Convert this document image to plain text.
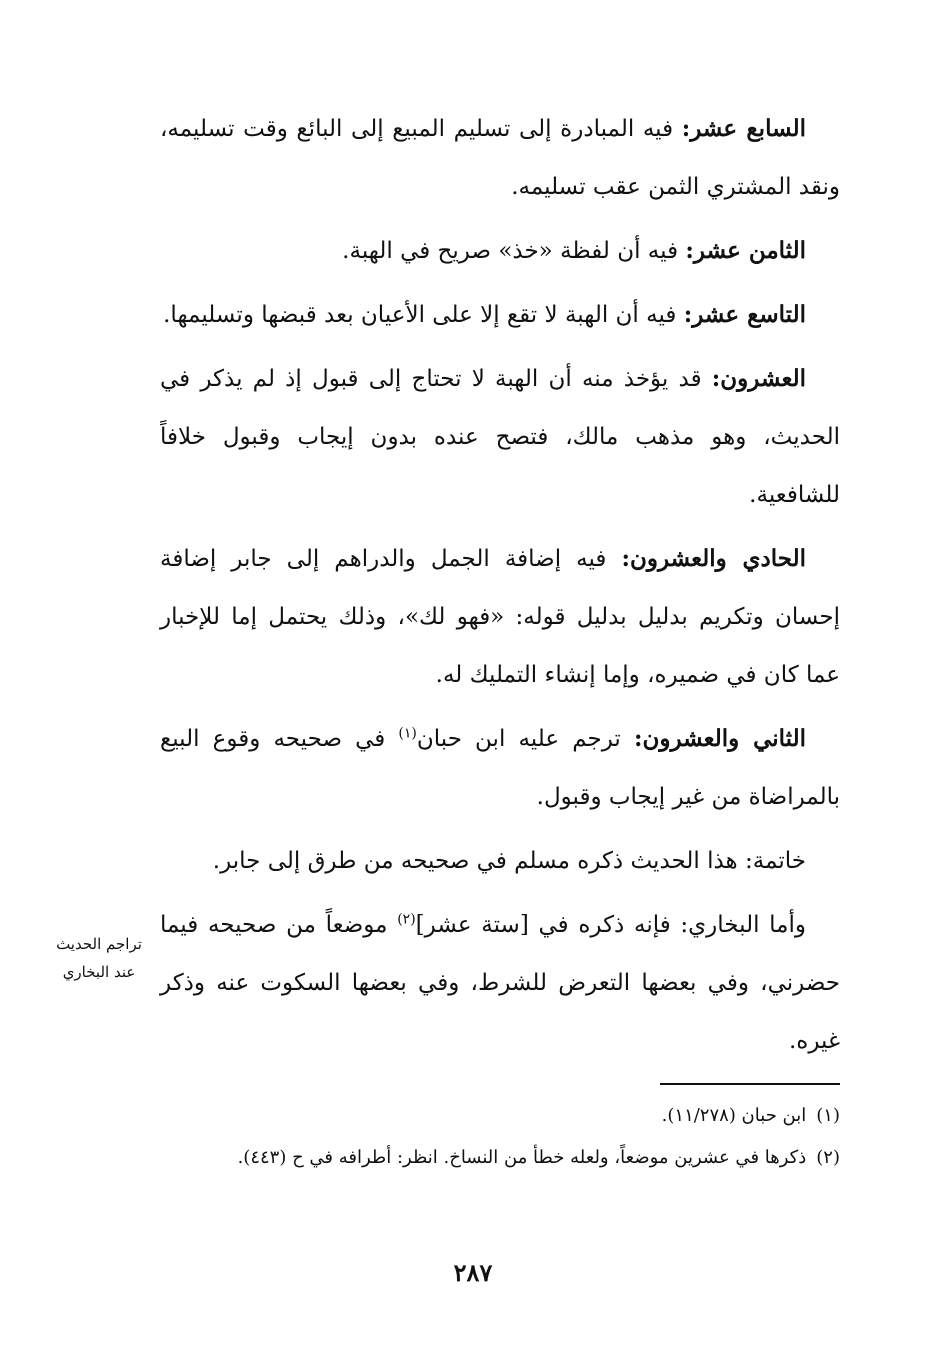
السابع عشر: فيه المبادرة إلى تسليم المبيع إلى البائع وقت تسليمه، ونقد المشتري الثمن عقب تسليمه.

الثامن عشر: فيه أن لفظة «خذ» صريح في الهبة.

التاسع عشر: فيه أن الهبة لا تقع إلا على الأعيان بعد قبضها وتسليمها.

العشرون: قد يؤخذ منه أن الهبة لا تحتاج إلى قبول إذ لم يذكر في الحديث، وهو مذهب مالك، فتصح عنده بدون إيجاب وقبول خلافاً للشافعية.

الحادي والعشرون: فيه إضافة الجمل والدراهم إلى جابر إضافة إحسان وتكريم بدليل بدليل قوله: «فهو لك»، وذلك يحتمل إما للإخبار عما كان في ضميره، وإما إنشاء التمليك له.

الثاني والعشرون: ترجم عليه ابن حبان$^{(١)}$ في صحيحه وقوع البيع بالمراضاة من غير إيجاب وقبول.

خاتمة: هذا الحديث ذكره مسلم في صحيحه من طرق إلى جابر.

وأما البخاري: فإنه ذكره في [ستة عشر]$^{(٢)}$ موضعاً من صحيحه فيما حضرني، وفي بعضها التعرض للشرط، وفي بعضها السكوت عنه وذكر غيره.

تراجم الحديث
عند البخاري

(١)ابن حبان (١١/٢٧٨).

(٢)ذكرها في عشرين موضعاً، ولعله خطأ من النساخ. انظر: أطرافه في ح (٤٤٣).

٢٨٧
